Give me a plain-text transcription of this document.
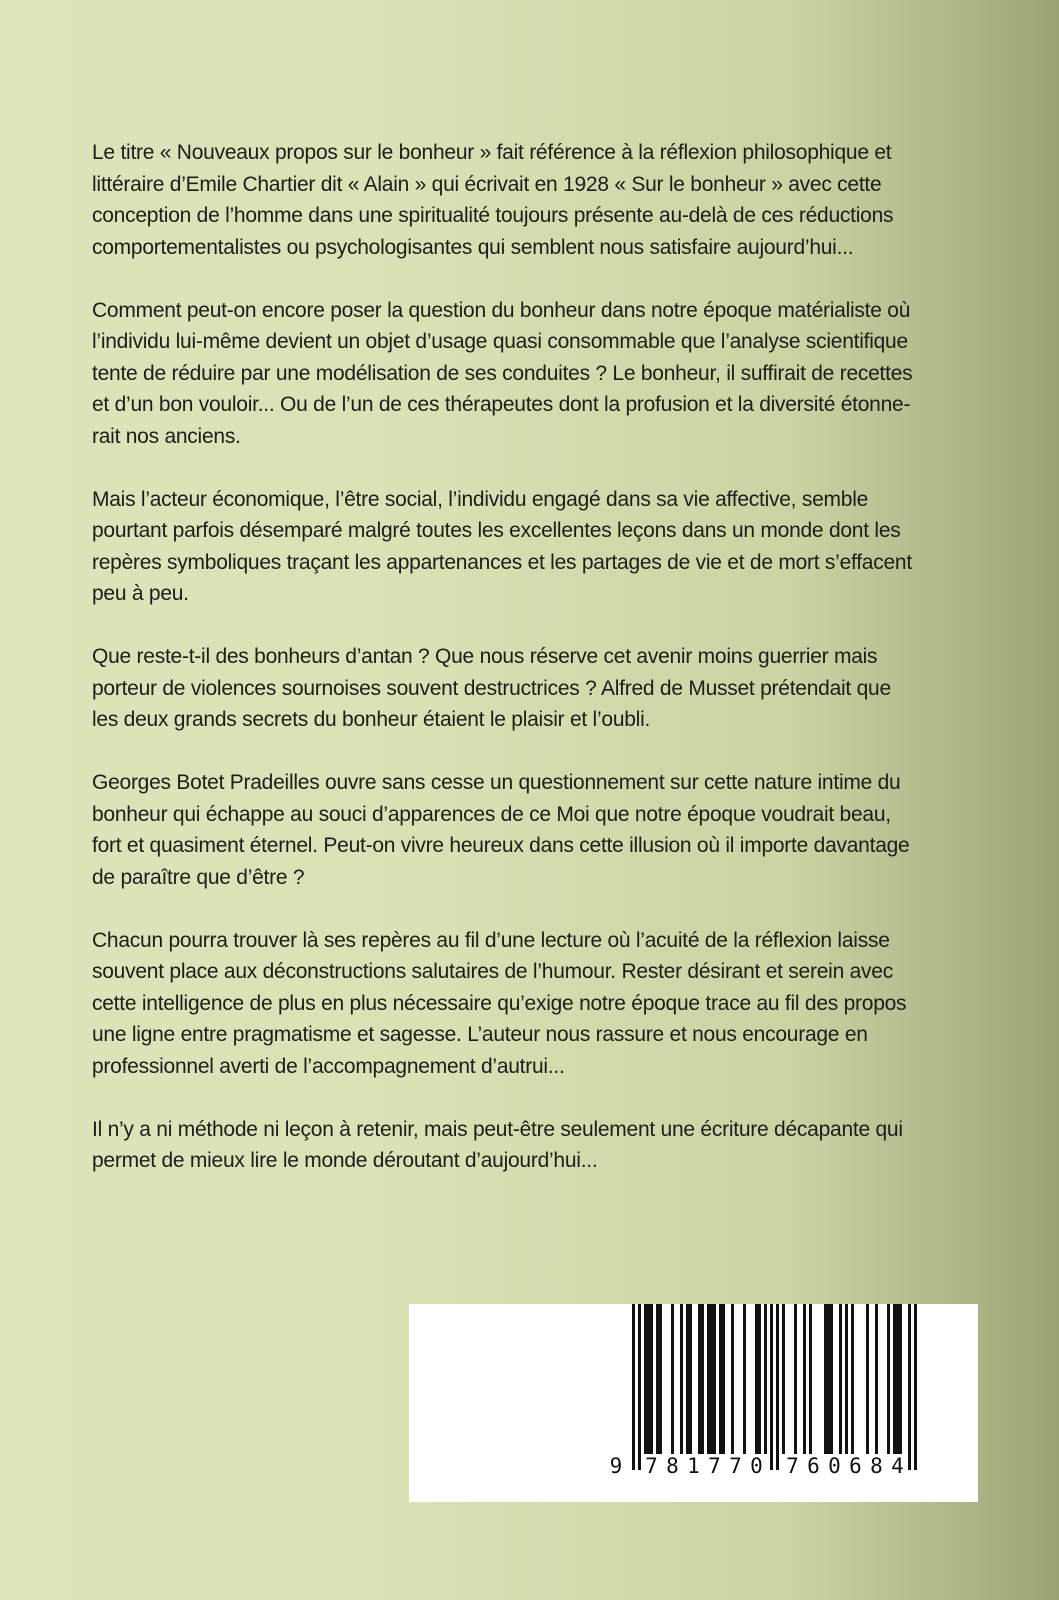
Le titre « Nouveaux propos sur le bonheur » fait référence à la réflexion philosophique et
littéraire d’Emile Chartier dit « Alain » qui écrivait en 1928 « Sur le bonheur » avec cette
conception de l’homme dans une spiritualité toujours présente au-delà de ces réductions
comportementalistes ou psychologisantes qui semblent nous satisfaire aujourd’hui...

Comment peut-on encore poser la question du bonheur dans notre époque matérialiste où
l’individu lui-même devient un objet d’usage quasi consommable que l’analyse scientifique
tente de réduire par une modélisation de ses conduites ? Le bonheur, il suffirait de recettes
et d’un bon vouloir... Ou de l’un de ces thérapeutes dont la profusion et la diversité étonne-
rait nos anciens.

Mais l’acteur économique, l’être social, l’individu engagé dans sa vie affective, semble
pourtant parfois désemparé malgré toutes les excellentes leçons dans un monde dont les
repères symboliques traçant les appartenances et les partages de vie et de mort s’effacent
peu à peu.

Que reste-t-il des bonheurs d’antan ? Que nous réserve cet avenir moins guerrier mais
porteur de violences sournoises souvent destructrices ? Alfred de Musset prétendait que
les deux grands secrets du bonheur étaient le plaisir et l’oubli.

Georges Botet Pradeilles ouvre sans cesse un questionnement sur cette nature intime du
bonheur qui échappe au souci d’apparences de ce Moi que notre époque voudrait beau,
fort et quasiment éternel. Peut-on vivre heureux dans cette illusion où il importe davantage
de paraître que d’être ?

Chacun pourra trouver là ses repères au fil d’une lecture où l’acuité de la réflexion laisse
souvent place aux déconstructions salutaires de l’humour. Rester désirant et serein avec
cette intelligence de plus en plus nécessaire qu’exige notre époque trace au fil des propos
une ligne entre pragmatisme et sagesse. L’auteur nous rassure et nous encourage en
professionnel averti de l’accompagnement d’autrui...

Il n’y a ni méthode ni leçon à retenir, mais peut-être seulement une écriture décapante qui
permet de mieux lire le monde déroutant d’aujourd’hui...

9 7 8 1 7 7 0 7 6 0 6 8 4
